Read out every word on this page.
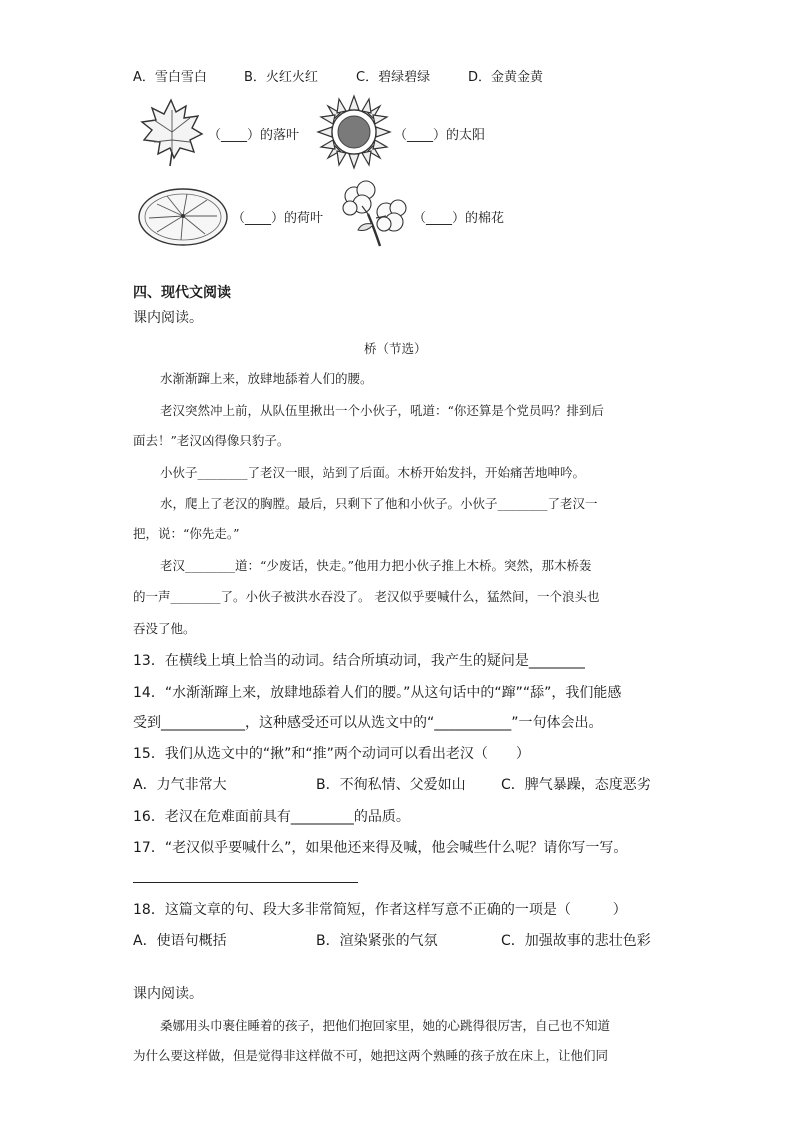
A．雪白雪白	B．火红火红	C．碧绿碧绿	D．金黄金黄
（____）的落叶	（____）的太阳
（____）的荷叶	（____）的棉花
四、现代文阅读
课内阅读。
桥（节选）
水渐渐蹿上来，放肆地舔着人们的腰。
老汉突然冲上前，从队伍里揪出一个小伙子，吼道：“你还算是个党员吗？排到后
面去！”老汉凶得像只豹子。
小伙子________了老汉一眼，站到了后面。木桥开始发抖，开始痛苦地呻吟。
水，爬上了老汉的胸膛。最后，只剩下了他和小伙子。小伙子________了老汉一
把，说：“你先走。”
老汉________道：“少废话，快走。”他用力把小伙子推上木桥。突然，那木桥轰
的一声________了。小伙子被洪水吞没了。 老汉似乎要喊什么，猛然间，一个浪头也
吞没了他。
13．在横线上填上恰当的动词。结合所填动词，我产生的疑问是________
14．“水渐渐蹿上来，放肆地舔着人们的腰。”从这句话中的“蹿”“舔”，我们能感
受到____________，这种感受还可以从选文中的“___________”一句体会出。
15．我们从选文中的“揪”和“推”两个动词可以看出老汉（　　）
A．力气非常大	B．不徇私情、父爱如山	C．脾气暴躁，态度恶劣
16．老汉在危难面前具有_________的品质。
17．“老汉似乎要喊什么”，如果他还来得及喊，他会喊些什么呢？请你写一写。
18．这篇文章的句、段大多非常简短，作者这样写意不正确的一项是（　　　）
A．使语句概括	B．渲染紧张的气氛	C．加强故事的悲壮色彩
课内阅读。
桑娜用头巾裹住睡着的孩子，把他们抱回家里，她的心跳得很厉害，自己也不知道
为什么要这样做，但是觉得非这样做不可，她把这两个熟睡的孩子放在床上，让他们同
